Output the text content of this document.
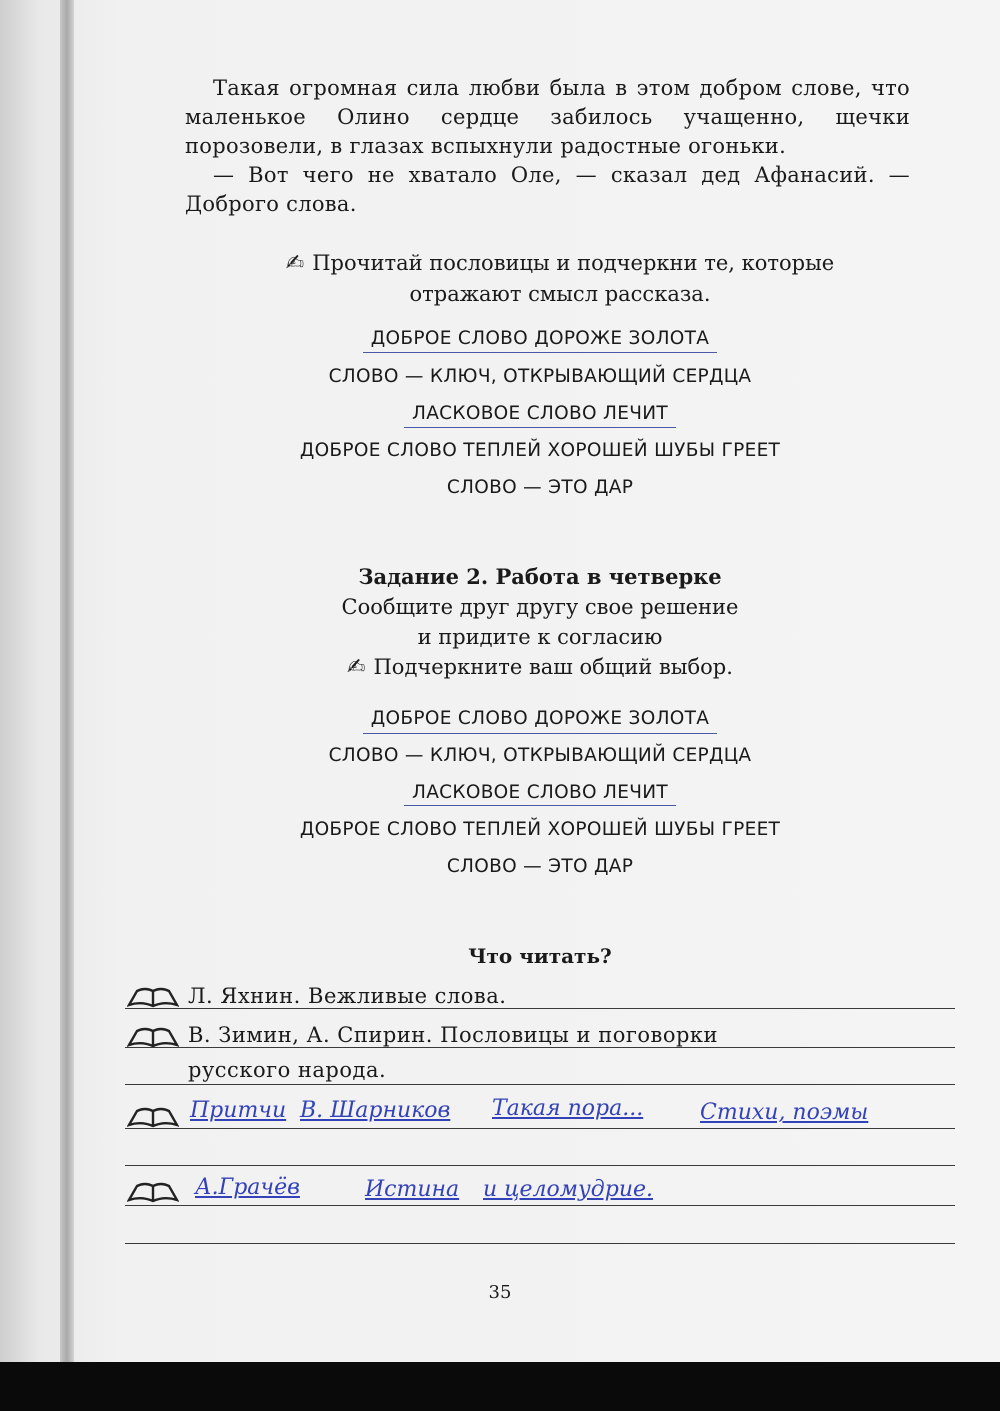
Такая огромная сила любви была в этом добром слове, что маленькое Олино сердце забилось учащенно, щечки порозовели, в глазах вспыхнули радостные огоньки.

— Вот чего не хватало Оле, — сказал дед Афанасий. — Доброго слова.

✍ Прочитай пословицы и подчеркни те, которые
отражают смысл рассказа.
ДОБРОЕ СЛОВО ДОРОЖЕ ЗОЛОТА
СЛОВО — КЛЮЧ, ОТКРЫВАЮЩИЙ СЕРДЦА
ЛАСКОВОЕ СЛОВО ЛЕЧИТ
ДОБРОЕ СЛОВО ТЕПЛЕЙ ХОРОШЕЙ ШУБЫ ГРЕЕТ
СЛОВО — ЭТО ДАР
Задание 2. Работа в четверке
Сообщите друг другу свое решение
и придите к согласию
✍ Подчеркните ваш общий выбор.
ДОБРОЕ СЛОВО ДОРОЖЕ ЗОЛОТА
СЛОВО — КЛЮЧ, ОТКРЫВАЮЩИЙ СЕРДЦА
ЛАСКОВОЕ СЛОВО ЛЕЧИТ
ДОБРОЕ СЛОВО ТЕПЛЕЙ ХОРОШЕЙ ШУБЫ ГРЕЕТ
СЛОВО — ЭТО ДАР
Что читать?
Л. Яхнин. Вежливые слова.
В. Зимин, А. Спирин. Пословицы и поговорки
русского народа.
Притчи В. Шарников Такая пора...	Стихи, поэмы
А.Грачёв	Истина и целомудрие.
35
